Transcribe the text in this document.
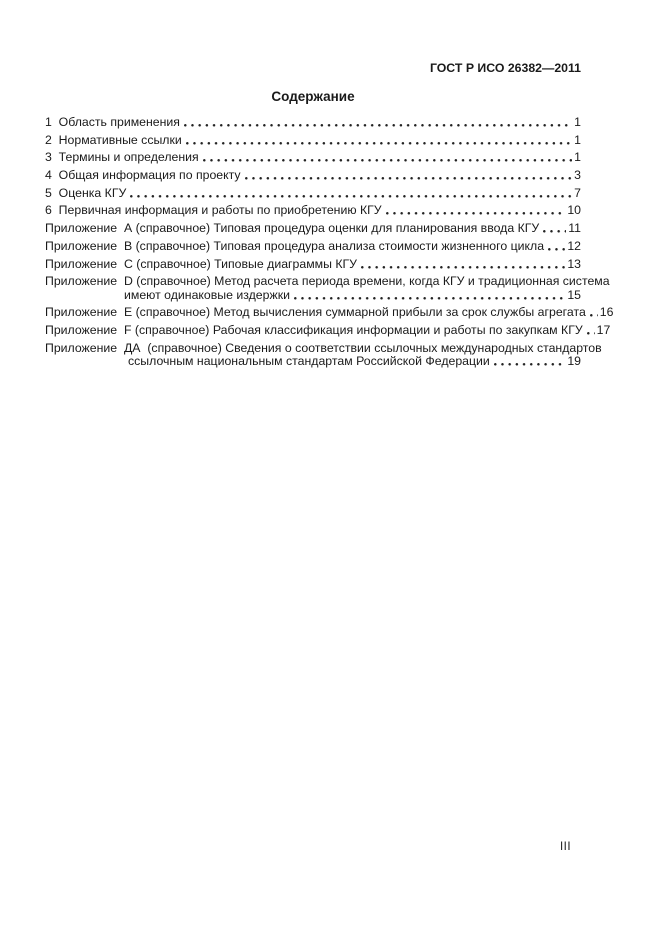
ГОСТ Р ИСО 26382—2011
Содержание
1  Область применения	1
2  Нормативные ссылки	1
3  Термины и определения	1
4  Общая информация по проекту	3
5  Оценка КГУ	7
6  Первичная информация и работы по приобретению КГУ	10
Приложение  А (справочное) Типовая процедура оценки для планирования ввода КГУ 11
Приложение  В (справочное) Типовая процедура анализа стоимости жизненного цикла 12
Приложение  С (справочное) Типовые диаграммы КГУ	13
Приложение  D (справочное) Метод расчета периода времени, когда КГУ и традиционная система
имеют одинаковые издержки	15
Приложение  Е (справочное) Метод вычисления суммарной прибыли за срок службы агрегата 16
Приложение  F (справочное) Рабочая классификация информации и работы по закупкам КГУ 17
Приложение  ДА  (справочное) Сведения о соответствии ссылочных международных стандартов
ссылочным национальным стандартам Российской Федерации	19
III
